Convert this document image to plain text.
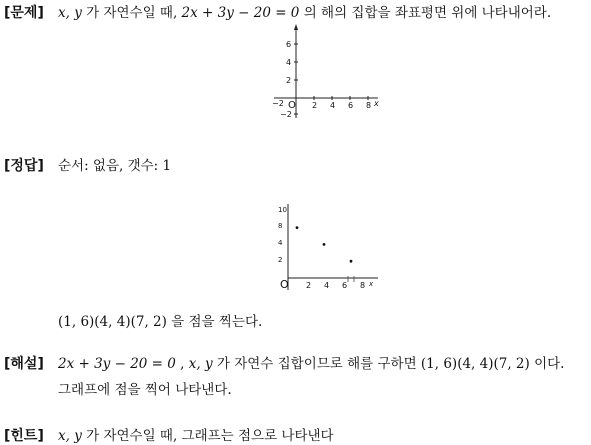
[문제] x, y 가 자연수일 때, 2x + 3y − 20 = 0 의 해의 집합을 좌표평면 위에 나타내어라.
6
4
2
−2
−2 O 2 4 6 8 x
[정답] 순서: 없음, 갯수: 1
10
8
4
2
O 2 4 6 8 x
(1, 6)(4, 4)(7, 2) 을 점을 찍는다.
[해설] 2x + 3y − 20 = 0 , x, y 가 자연수 집합이므로 해를 구하면 (1, 6)(4, 4)(7, 2) 이다.
그래프에 점을 찍어 나타낸다.
[힌트] x, y 가 자연수일 때, 그래프는 점으로 나타낸다
